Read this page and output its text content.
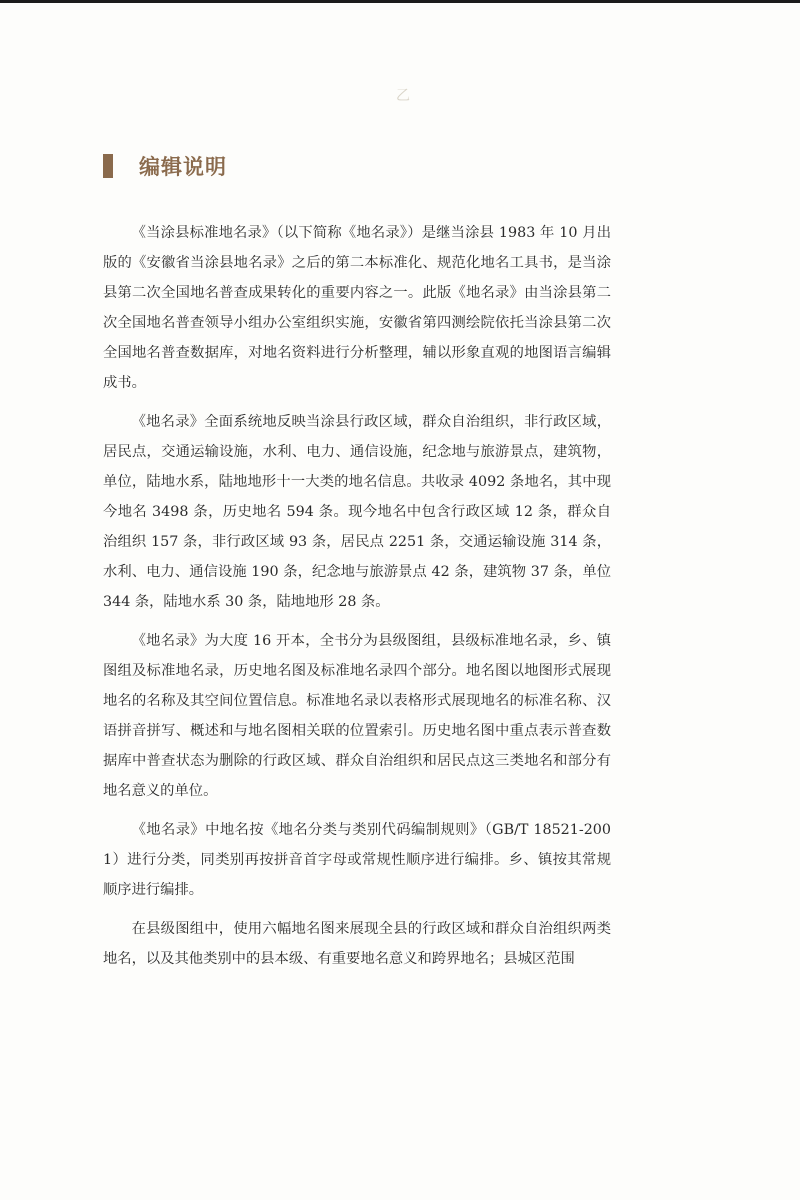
乙
编辑说明

《当涂县标准地名录》（以下简称《地名录》）是继当涂县 1983 年 10 月出版的《安徽省当涂县地名录》之后的第二本标准化、规范化地名工具书，是当涂县第二次全国地名普查成果转化的重要内容之一。此版《地名录》由当涂县第二次全国地名普查领导小组办公室组织实施，安徽省第四测绘院依托当涂县第二次全国地名普查数据库，对地名资料进行分析整理，辅以形象直观的地图语言编辑成书。

《地名录》全面系统地反映当涂县行政区域，群众自治组织，非行政区域，居民点，交通运输设施，水利、电力、通信设施，纪念地与旅游景点，建筑物，单位，陆地水系，陆地地形十一大类的地名信息。共收录 4092 条地名，其中现今地名 3498 条，历史地名 594 条。现今地名中包含行政区域 12 条，群众自治组织 157 条，非行政区域 93 条，居民点 2251 条，交通运输设施 314 条，水利、电力、通信设施 190 条，纪念地与旅游景点 42 条，建筑物 37 条，单位 344 条，陆地水系 30 条，陆地地形 28 条。

《地名录》为大度 16 开本，全书分为县级图组，县级标准地名录，乡、镇图组及标准地名录，历史地名图及标准地名录四个部分。地名图以地图形式展现地名的名称及其空间位置信息。标准地名录以表格形式展现地名的标准名称、汉语拼音拼写、概述和与地名图相关联的位置索引。历史地名图中重点表示普查数据库中普查状态为删除的行政区域、群众自治组织和居民点这三类地名和部分有地名意义的单位。

《地名录》中地名按《地名分类与类别代码编制规则》（GB/T 18521-2001）进行分类，同类别再按拼音首字母或常规性顺序进行编排。乡、镇按其常规顺序进行编排。

在县级图组中，使用六幅地名图来展现全县的行政区域和群众自治组织两类地名，以及其他类别中的县本级、有重要地名意义和跨界地名；县城区范围
